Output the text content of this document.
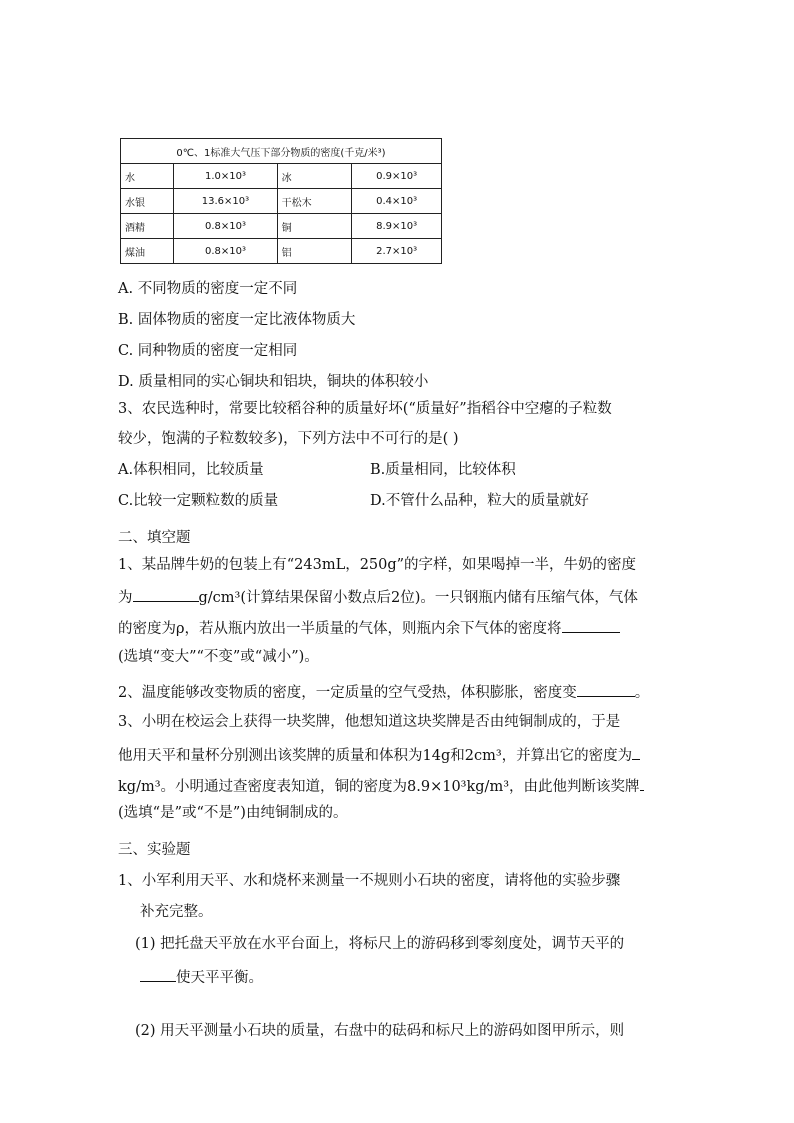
0℃、1标准大气压下部分物质的密度(千克/米³)			
水	1.0×10³	冰	0.9×10³
水银	13.6×10³	干松木	0.4×10³
酒精	0.8×10³	铜	8.9×10³
煤油	0.8×10³	铝	2.7×10³
A. 不同物质的密度一定不同
B. 固体物质的密度一定比液体物质大
C. 同种物质的密度一定相同
D. 质量相同的实心铜块和铝块，铜块的体积较小
3、农民选种时，常要比较稻谷种的质量好坏(“质量好”指稻谷中空瘪的子粒数
较少，饱满的子粒数较多)，下列方法中不可行的是( )
A.体积相同，比较质量	B.质量相同，比较体积
C.比较一定颗粒数的质量	D.不管什么品种，粒大的质量就好
二、填空题
1、某品牌牛奶的包装上有“243mL，250g”的字样，如果喝掉一半，牛奶的密度
为	g/cm³(计算结果保留小数点后2位)。一只钢瓶内储有压缩气体，气体
的密度为ρ，若从瓶内放出一半质量的气体，则瓶内余下气体的密度将
(选填“变大”“不变”或“减小”)。
2、温度能够改变物质的密度，一定质量的空气受热，体积膨胀，密度变	。
3、小明在校运会上获得一块奖牌，他想知道这块奖牌是否由纯铜制成的，于是
他用天平和量杯分别测出该奖牌的质量和体积为14g和2cm³，并算出它的密度为
kg/m³。小明通过查密度表知道，铜的密度为8.9×10³kg/m³，由此他判断该奖牌
(选填“是”或“不是”)由纯铜制成的。
三、实验题
1、小军利用天平、水和烧杯来测量一不规则小石块的密度，请将他的实验步骤
补充完整。
(1) 把托盘天平放在水平台面上，将标尺上的游码移到零刻度处，调节天平的
使天平平衡。
(2) 用天平测量小石块的质量，右盘中的砝码和标尺上的游码如图甲所示，则
